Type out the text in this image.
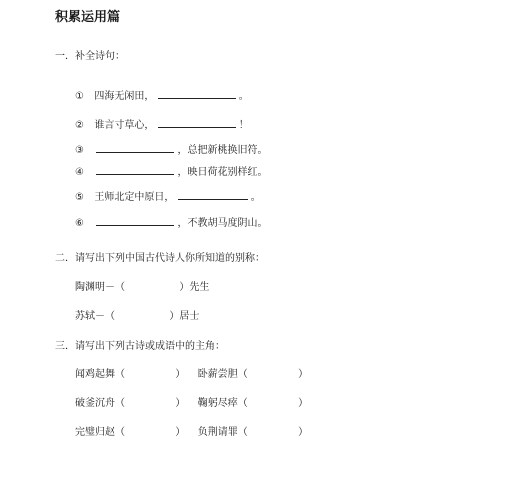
积累运用篇
一．补全诗句：
① 四海无闲田，	。
② 谁言寸草心，	！
③	，总把新桃换旧符。
④	，映日荷花别样红。
⑤ 王师北定中原日，	。
⑥	，不教胡马度阴山。
二．请写出下列中国古代诗人你所知道的别称：
陶渊明－（	）先生
苏轼－（	）居士
三．请写出下列古诗或成语中的主角：
闻鸡起舞（	） 卧薪尝胆（	）
破釜沉舟（	） 鞠躬尽瘁（	）
完璧归赵（	） 负荆请罪（	）
